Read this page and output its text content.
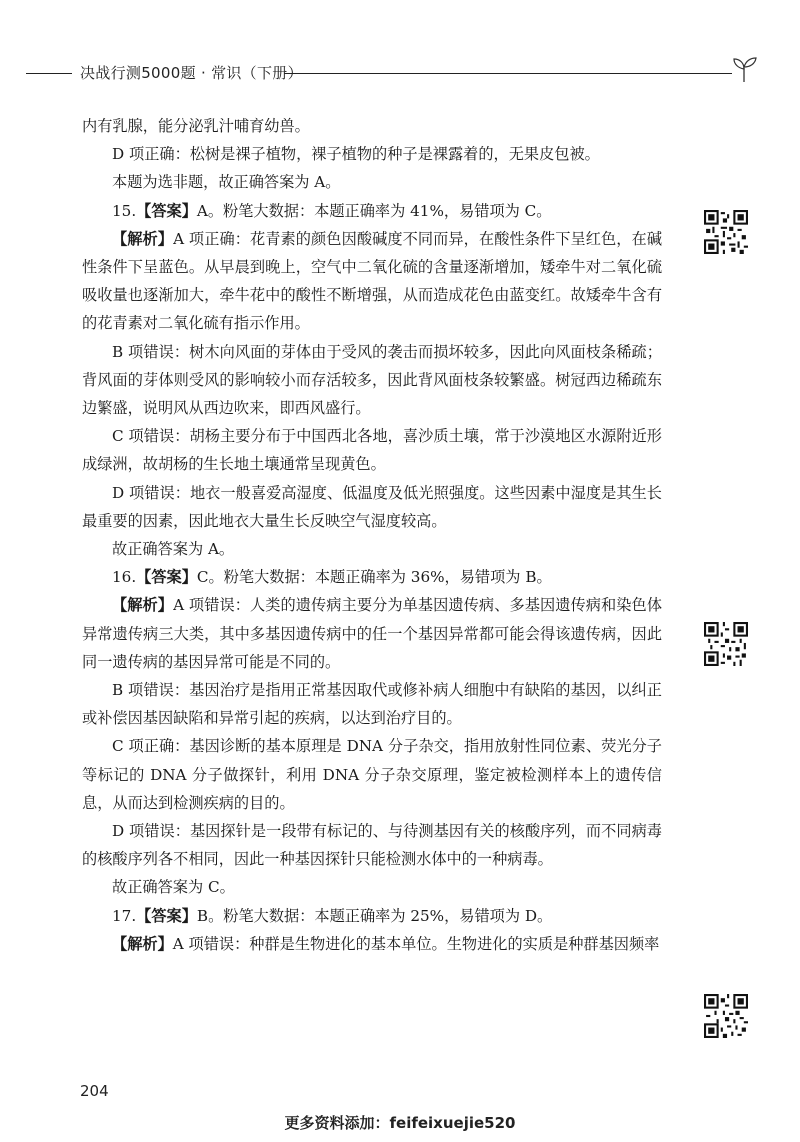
决战行测5000题 · 常识（下册）

内有乳腺，能分泌乳汁哺育幼兽。

D 项正确：松树是裸子植物，裸子植物的种子是裸露着的，无果皮包被。

本题为选非题，故正确答案为 A。

15.【答案】A。粉笔大数据：本题正确率为 41%，易错项为 C。

【解析】A 项正确：花青素的颜色因酸碱度不同而异，在酸性条件下呈红色，在碱性条件下呈蓝色。从早晨到晚上，空气中二氧化硫的含量逐渐增加，矮牵牛对二氧化硫吸收量也逐渐加大，牵牛花中的酸性不断增强，从而造成花色由蓝变红。故矮牵牛含有的花青素对二氧化硫有指示作用。

B 项错误：树木向风面的芽体由于受风的袭击而损坏较多，因此向风面枝条稀疏；背风面的芽体则受风的影响较小而存活较多，因此背风面枝条较繁盛。树冠西边稀疏东边繁盛，说明风从西边吹来，即西风盛行。

C 项错误：胡杨主要分布于中国西北各地，喜沙质土壤，常于沙漠地区水源附近形成绿洲，故胡杨的生长地土壤通常呈现黄色。

D 项错误：地衣一般喜爱高湿度、低温度及低光照强度。这些因素中湿度是其生长最重要的因素，因此地衣大量生长反映空气湿度较高。

故正确答案为 A。

16.【答案】C。粉笔大数据：本题正确率为 36%，易错项为 B。

【解析】A 项错误：人类的遗传病主要分为单基因遗传病、多基因遗传病和染色体异常遗传病三大类，其中多基因遗传病中的任一个基因异常都可能会得该遗传病，因此同一遗传病的基因异常可能是不同的。

B 项错误：基因治疗是指用正常基因取代或修补病人细胞中有缺陷的基因，以纠正或补偿因基因缺陷和异常引起的疾病，以达到治疗目的。

C 项正确：基因诊断的基本原理是 DNA 分子杂交，指用放射性同位素、荧光分子等标记的 DNA 分子做探针，利用 DNA 分子杂交原理，鉴定被检测样本上的遗传信息，从而达到检测疾病的目的。

D 项错误：基因探针是一段带有标记的、与待测基因有关的核酸序列，而不同病毒的核酸序列各不相同，因此一种基因探针只能检测水体中的一种病毒。

故正确答案为 C。

17.【答案】B。粉笔大数据：本题正确率为 25%，易错项为 D。

【解析】A 项错误：种群是生物进化的基本单位。生物进化的实质是种群基因频率

204
更多资料添加：feifeixuejie520
